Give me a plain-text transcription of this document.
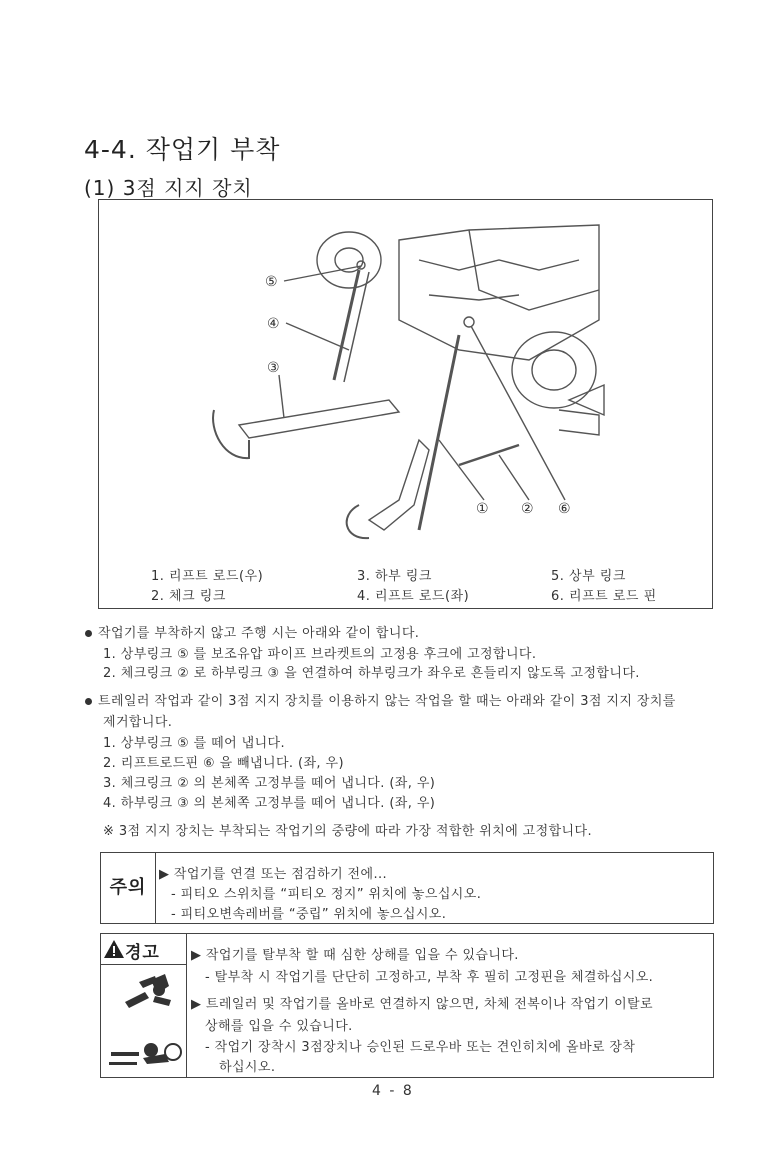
4-4. 작업기 부착
(1) 3점 지지 장치
⑤
④
③
① ② ⑥
1. 리프트 로드(우)
2. 체크 링크
3. 하부 링크
4. 리프트 로드(좌)
5. 상부 링크
6. 리프트 로드 핀
작업기를 부착하지 않고 주행 시는 아래와 같이 합니다.
1. 상부링크 ⑤ 를 보조유압 파이프 브라켓트의 고정용 후크에 고정합니다.
2. 체크링크 ② 로 하부링크 ③ 을 연결하여 하부링크가 좌우로 흔들리지 않도록 고정합니다.
트레일러 작업과 같이 3점 지지 장치를 이용하지 않는 작업을 할 때는 아래와 같이 3점 지지 장치를
제거합니다.
1. 상부링크 ⑤ 를 떼어 냅니다.
2. 리프트로드핀 ⑥ 을 빼냅니다. (좌, 우)
3. 체크링크 ② 의 본체쪽 고정부를 떼어 냅니다. (좌, 우)
4. 하부링크 ③ 의 본체쪽 고정부를 떼어 냅니다. (좌, 우)
※ 3점 지지 장치는 부착되는 작업기의 중량에 따라 가장 적합한 위치에 고정합니다.
주의
▶ 작업기를 연결 또는 점검하기 전에...
- 피티오 스위치를 “피티오 정지” 위치에 놓으십시오.
- 피티오변속레버를 “중립” 위치에 놓으십시오.
경고 ▶ 작업기를 탈부착 할 때 심한 상해를 입을 수 있습니다.
- 탈부착 시 작업기를 단단히 고정하고, 부착 후 필히 고정핀을 체결하십시오.
▶ 트레일러 및 작업기를 올바로 연결하지 않으면, 차체 전복이나 작업기 이탈로
상해를 입을 수 있습니다.
- 작업기 장착시 3점장치나 승인된 드로우바 또는 견인히치에 올바로 장착
하십시오.
4 - 8
